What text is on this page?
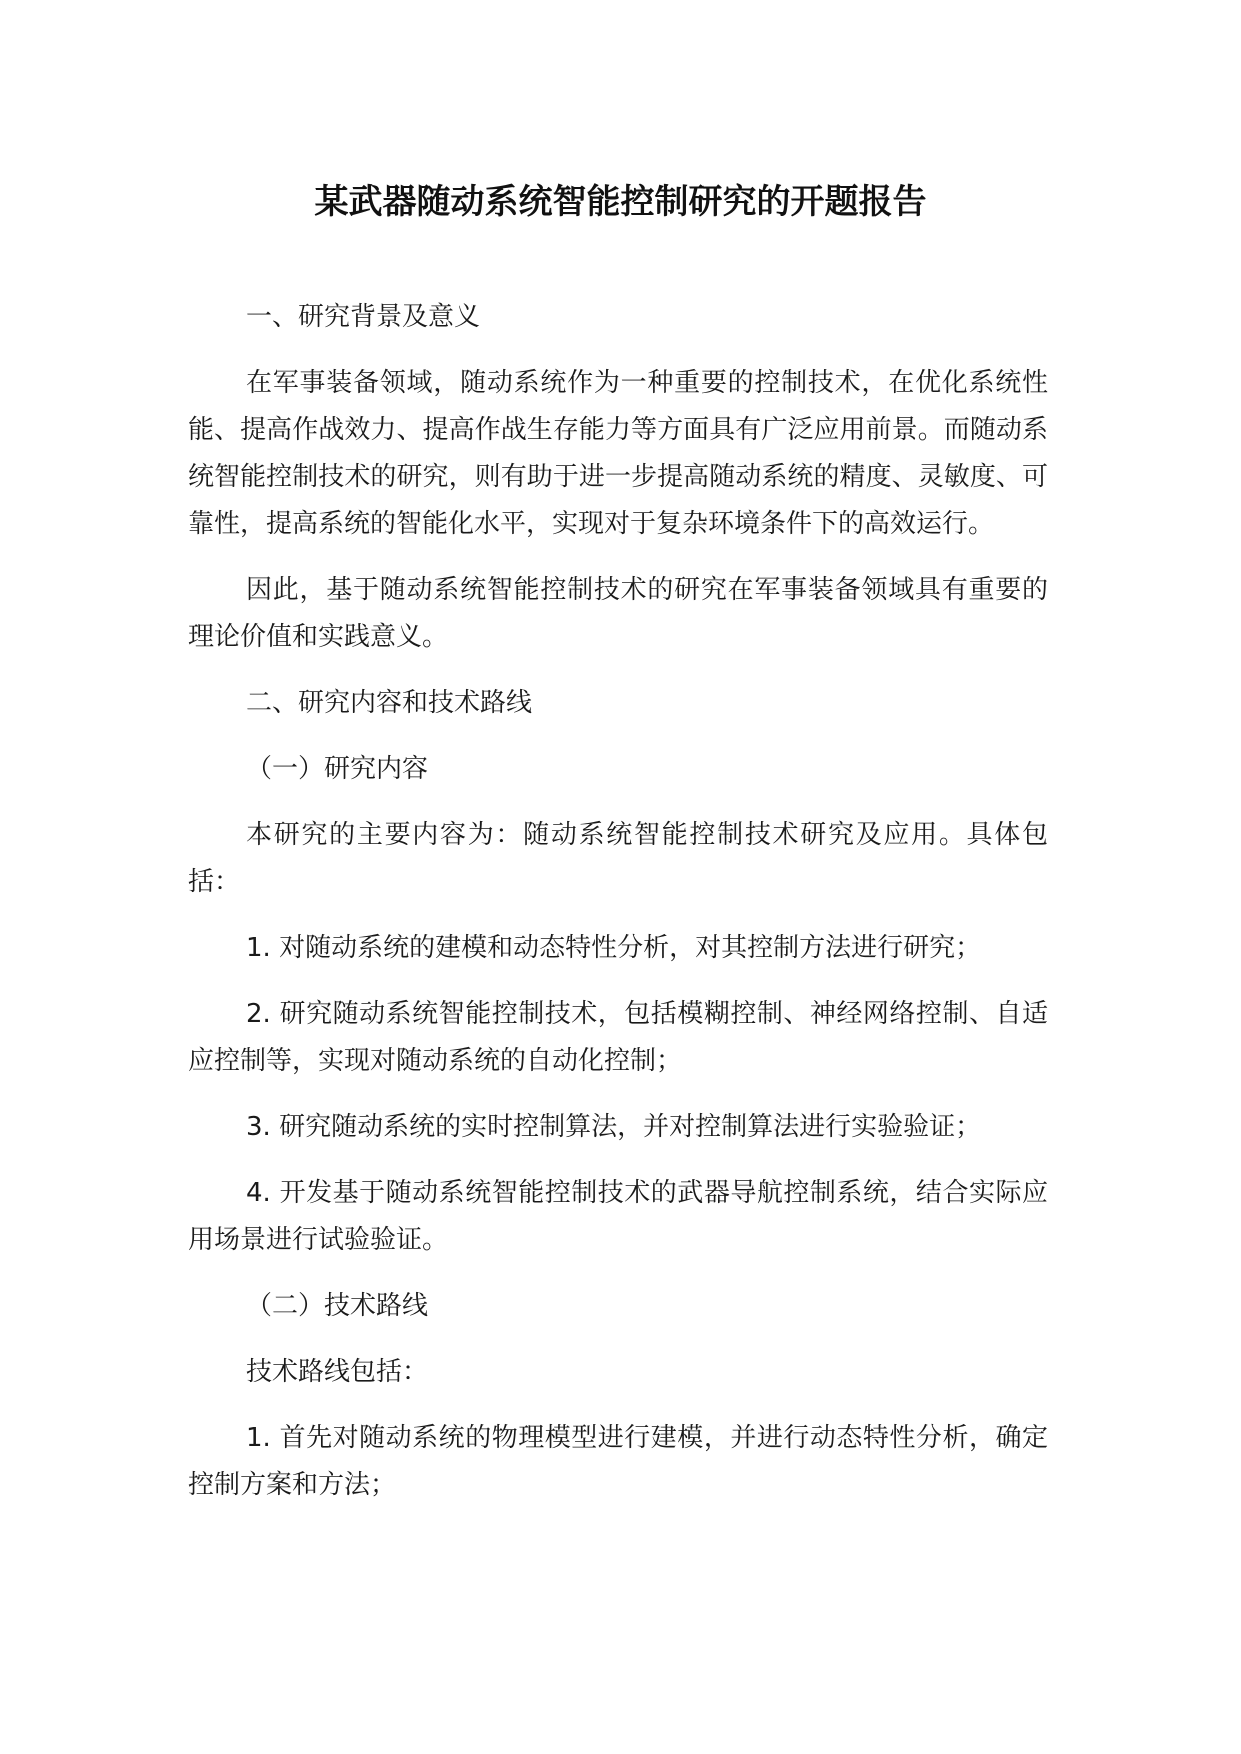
某武器随动系统智能控制研究的开题报告

一、研究背景及意义

在军事装备领域，随动系统作为一种重要的控制技术，在优化系统性能、提高作战效力、提高作战生存能力等方面具有广泛应用前景。而随动系统智能控制技术的研究，则有助于进一步提高随动系统的精度、灵敏度、可靠性，提高系统的智能化水平，实现对于复杂环境条件下的高效运行。

因此，基于随动系统智能控制技术的研究在军事装备领域具有重要的理论价值和实践意义。

二、研究内容和技术路线

（一）研究内容

本研究的主要内容为：随动系统智能控制技术研究及应用。具体包括：

1. 对随动系统的建模和动态特性分析，对其控制方法进行研究；

2. 研究随动系统智能控制技术，包括模糊控制、神经网络控制、自适应控制等，实现对随动系统的自动化控制；

3. 研究随动系统的实时控制算法，并对控制算法进行实验验证；

4. 开发基于随动系统智能控制技术的武器导航控制系统，结合实际应用场景进行试验验证。

（二）技术路线

技术路线包括：

1. 首先对随动系统的物理模型进行建模，并进行动态特性分析，确定控制方案和方法；
